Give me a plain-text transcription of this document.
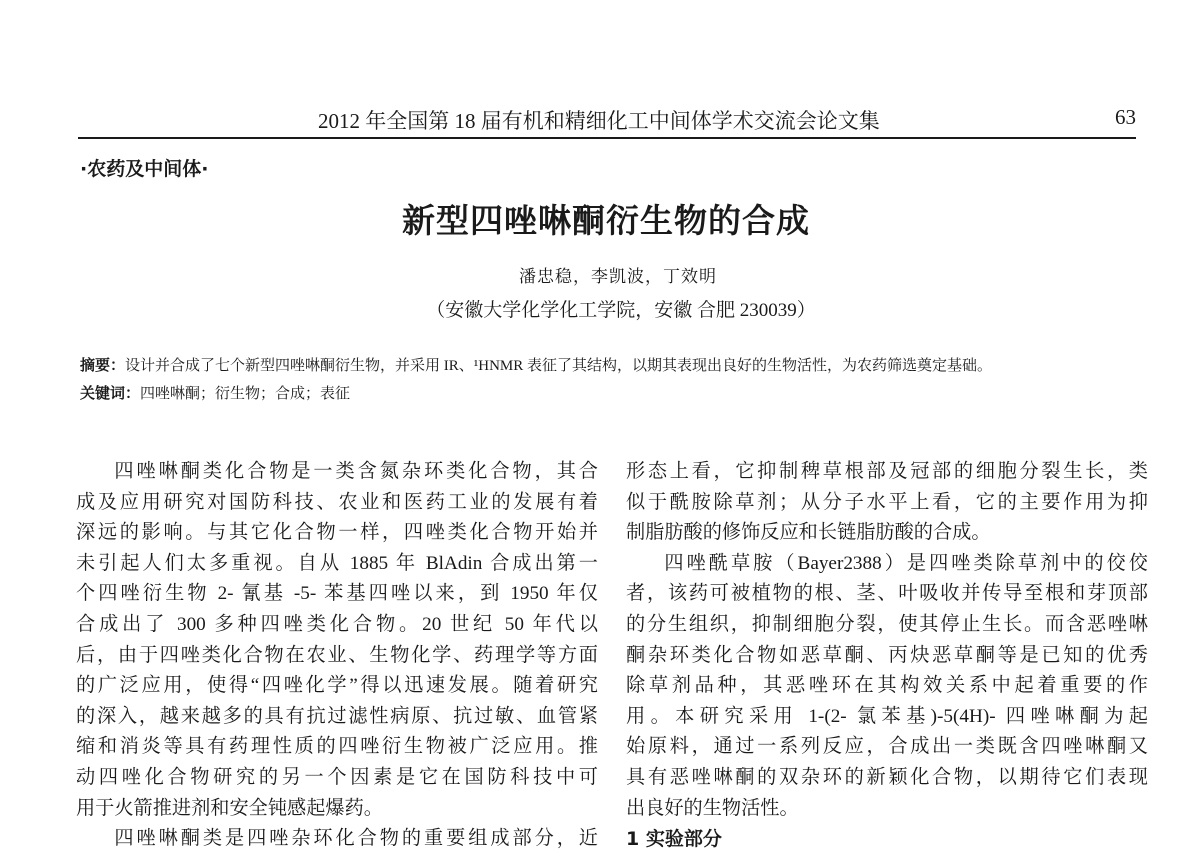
2012 年全国第 18 届有机和精细化工中间体学术交流会论文集	63
·农药及中间体·
新型四唑啉酮衍生物的合成
潘忠稳，李凯波，丁效明
（安徽大学化学化工学院，安徽 合肥 230039）
摘要：设计并合成了七个新型四唑啉酮衍生物，并采用 IR、¹HNMR 表征了其结构，以期其表现出良好的生物活性，为农药筛选奠定基础。
关键词：四唑啉酮；衍生物；合成；表征
四唑啉酮类化合物是一类含氮杂环类化合物，其合
成及应用研究对国防科技、农业和医药工业的发展有着
深远的影响。与其它化合物一样，四唑类化合物开始并
未引起人们太多重视。自从 1885 年 BlAdin 合成出第一
个四唑衍生物 2- 氰基 -5- 苯基四唑以来，到 1950 年仅
合成出了 300 多种四唑类化合物。20 世纪 50 年代以
后，由于四唑类化合物在农业、生物化学、药理学等方面
的广泛应用，使得“四唑化学”得以迅速发展。随着研究
的深入，越来越多的具有抗过滤性病原、抗过敏、血管紧
缩和消炎等具有药理性质的四唑衍生物被广泛应用。推
动四唑化合物研究的另一个因素是它在国防科技中可
用于火箭推进剂和安全钝感起爆药。
四唑啉酮类是四唑杂环化合物的重要组成部分，近
形态上看，它抑制稗草根部及冠部的细胞分裂生长，类
似于酰胺除草剂；从分子水平上看，它的主要作用为抑
制脂肪酸的修饰反应和长链脂肪酸的合成。
四唑酰草胺（Bayer2388）是四唑类除草剂中的佼佼
者，该药可被植物的根、茎、叶吸收并传导至根和芽顶部
的分生组织，抑制细胞分裂，使其停止生长。而含恶唑啉
酮杂环类化合物如恶草酮、丙炔恶草酮等是已知的优秀
除草剂品种，其恶唑环在其构效关系中起着重要的作
用。本研究采用 1-(2- 氯苯基)-5(4H)- 四唑啉酮为起
始原料，通过一系列反应，合成出一类既含四唑啉酮又
具有恶唑啉酮的双杂环的新颖化合物，以期待它们表现
出良好的生物活性。
1 实验部分
